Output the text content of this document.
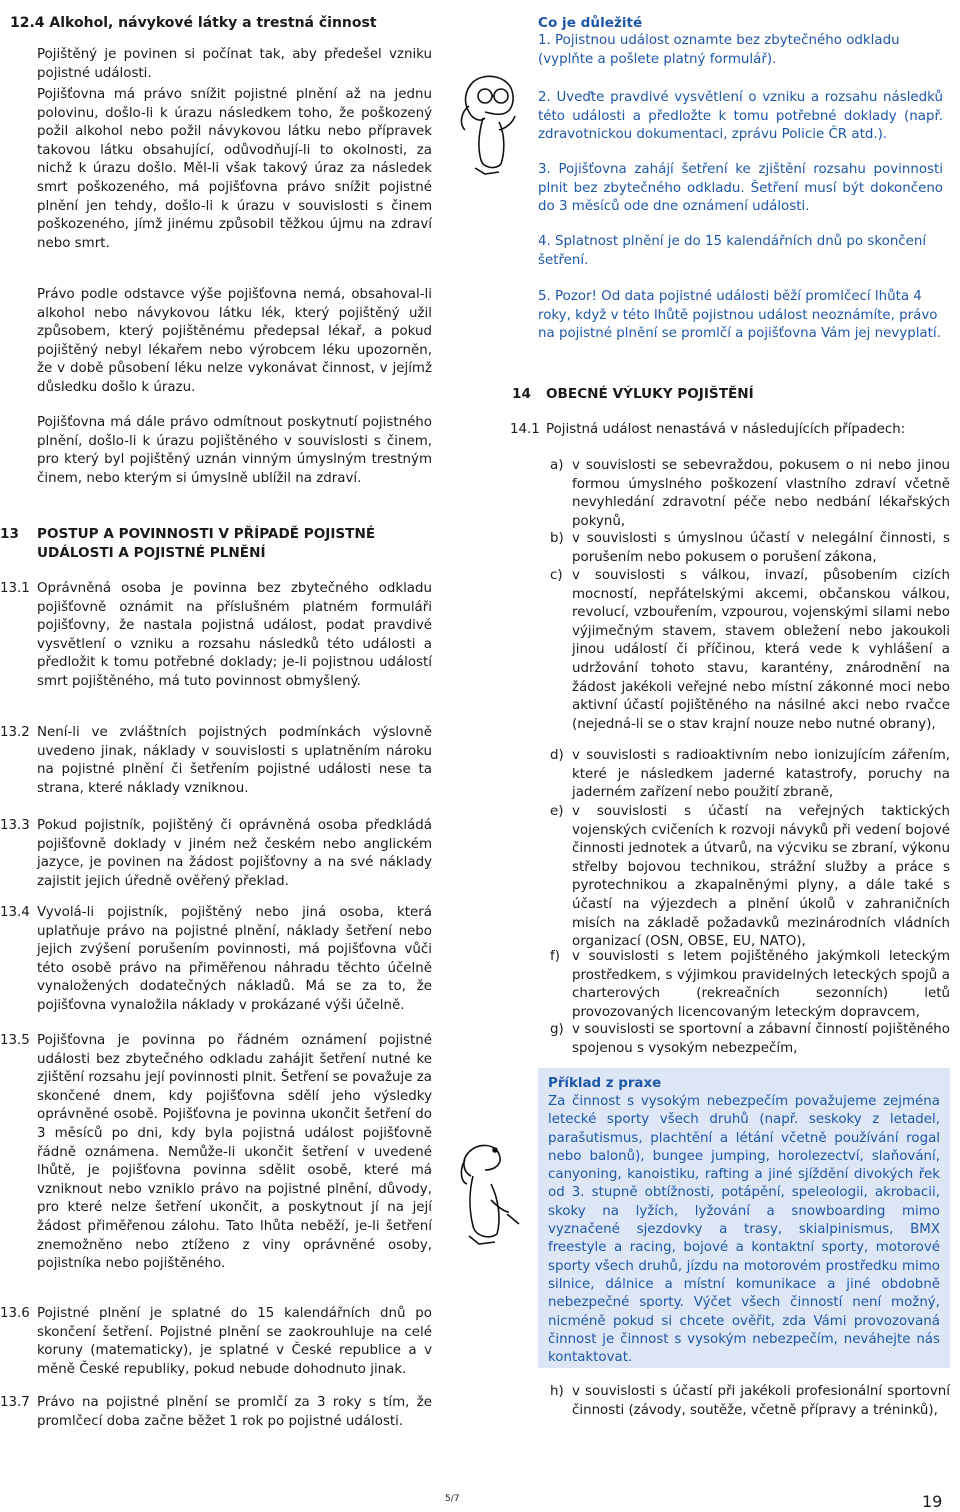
12.4 Alkohol, návykové látky a trestná činnost

Pojištěný je povinen si počínat tak, aby předešel vzniku pojistné události.

Pojišťovna má právo snížit pojistné plnění až na jednu polovinu, došlo-li k úrazu následkem toho, že poškozený požil alkohol nebo požil návykovou látku nebo přípravek takovou látku obsahující, odůvodňují-li to okolnosti, za nichž k úrazu došlo. Měl-li však takový úraz za následek smrt poškozeného, má pojišťovna právo snížit pojistné plnění jen tehdy, došlo-li k úrazu v souvislosti s činem poškozeného, jímž jinému způsobil těžkou újmu na zdraví nebo smrt.

Právo podle odstavce výše pojišťovna nemá, obsahoval-li alkohol nebo návykovou látku lék, který pojištěný užil způsobem, který pojištěnému předepsal lékař, a pokud pojištěný nebyl lékařem nebo výrobcem léku upozorněn, že v době působení léku nelze vykonávat činnost, v jejímž důsledku došlo k úrazu.

Pojišťovna má dále právo odmítnout poskytnutí pojistného plnění, došlo-li k úrazu pojištěného v souvislosti s činem, pro který byl pojištěný uznán vinným úmyslným trestným činem, nebo kterým si úmyslně ublížil na zdraví.

13 POSTUP A POVINNOSTI V PŘÍPADĚ POJISTNÉ UDÁLOSTI A POJISTNÉ PLNĚNÍ
13.1 Oprávněná osoba je povinna bez zbytečného odkladu pojišťovně oznámit na příslušném platném formuláři pojišťovny, že nastala pojistná událost, podat pravdivé vysvětlení o vzniku a rozsahu následků této události a předložit k tomu potřebné doklady; je-li pojistnou událostí smrt pojištěného, má tuto povinnost obmyšlený.

13.2 Není-li ve zvláštních pojistných podmínkách výslovně uvedeno jinak, náklady v souvislosti s uplatněním nároku na pojistné plnění či šetřením pojistné události nese ta strana, které náklady vzniknou.

13.3 Pokud pojistník, pojištěný či oprávněná osoba předkládá pojišťovně doklady v jiném než českém nebo anglickém jazyce, je povinen na žádost pojišťovny a na své náklady zajistit jejich úředně ověřený překlad.

13.4 Vyvolá-li pojistník, pojištěný nebo jiná osoba, která uplatňuje právo na pojistné plnění, náklady šetření nebo jejich zvýšení porušením povinnosti, má pojišťovna vůči této osobě právo na přiměřenou náhradu těchto účelně vynaložených dodatečných nákladů. Má se za to, že pojišťovna vynaložila náklady v prokázané výši účelně.

13.5 Pojišťovna je povinna po řádném oznámení pojistné události bez zbytečného odkladu zahájit šetření nutné ke zjištění rozsahu její povinnosti plnit. Šetření se považuje za skončené dnem, kdy pojišťovna sdělí jeho výsledky oprávněné osobě. Pojišťovna je povinna ukončit šetření do 3 měsíců po dni, kdy byla pojistná událost pojišťovně řádně oznámena. Nemůže-li ukončit šetření v uvedené lhůtě, je pojišťovna povinna sdělit osobě, které má vzniknout nebo vzniklo právo na pojistné plnění, důvody, pro které nelze šetření ukončit, a poskytnout jí na její žádost přiměřenou zálohu. Tato lhůta neběží, je-li šetření znemožněno nebo ztíženo z viny oprávněné osoby, pojistníka nebo pojištěného.

13.6 Pojistné plnění je splatné do 15 kalendářních dnů po skončení šetření. Pojistné plnění se zaokrouhluje na celé koruny (matematicky), je splatné v České republice a v měně České republiky, pokud nebude dohodnuto jinak.

13.7 Právo na pojistné plnění se promlčí za 3 roky s tím, že promlčecí doba začne běžet 1 rok po pojistné události.

Co je důležité

1. Pojistnou událost oznamte bez zbytečného odkladu (vyplňte a pošlete platný formulář).

2. Uveďte pravdivé vysvětlení o vzniku a rozsahu následků této události a předložte k tomu potřebné doklady (např. zdravotnickou dokumentaci, zprávu Policie ČR atd.).

3. Pojišťovna zahájí šetření ke zjištění rozsahu povinnosti plnit bez zbytečného odkladu. Šetření musí být dokončeno do 3 měsíců ode dne oznámení události.

4. Splatnost plnění je do 15 kalendářních dnů po skončení šetření.

5. Pozor! Od data pojistné události běží promlčecí lhůta 4 roky, když v této lhůtě pojistnou událost neoznámíte, právo na pojistné plnění se promlčí a pojišťovna Vám jej nevyplatí.

14 OBECNÉ VÝLUKY POJIŠTĚNÍ
14.1 Pojistná událost nenastává v následujících případech:
a) v souvislosti se sebevraždou, pokusem o ni nebo jinou formou úmyslného poškození vlastního zdraví včetně nevyhledání zdravotní péče nebo nedbání lékařských pokynů,
b) v souvislosti s úmyslnou účastí v nelegální činnosti, s porušením nebo pokusem o porušení zákona,
c) v souvislosti s válkou, invazí, působením cizích mocností, nepřátelskými akcemi, občanskou válkou, revolucí, vzbouřením, vzpourou, vojenskými silami nebo výjimečným stavem, stavem obležení nebo jakoukoli jinou událostí či příčinou, která vede k vyhlášení a udržování tohoto stavu, karantény, znárodnění na žádost jakékoli veřejné nebo místní zákonné moci nebo aktivní účastí pojištěného na násilné akci nebo rvačce (nejedná-li se o stav krajní nouze nebo nutné obrany),
d) v souvislosti s radioaktivním nebo ionizujícím zářením, které je následkem jaderné katastrofy, poruchy na jaderném zařízení nebo použití zbraně,
e) v souvislosti s účastí na veřejných taktických vojenských cvičeních k rozvoji návyků při vedení bojové činnosti jednotek a útvarů, na výcviku se zbraní, výkonu střelby bojovou technikou, strážní služby a práce s pyrotechnikou a zkapalněnými plyny, a dále také s účastí na výjezdech a plnění úkolů v zahraničních misích na základě požadavků mezinárodních vládních organizací (OSN, OBSE, EU, NATO),
f) v souvislosti s letem pojištěného jakýmkoli leteckým prostředkem, s výjimkou pravidelných leteckých spojů a charterových (rekreačních sezonních) letů provozovaných licencovaným leteckým dopravcem,
g) v souvislosti se sportovní a zábavní činností pojištěného spojenou s vysokým nebezpečím,
Příklad z praxe

Za činnost s vysokým nebezpečím považujeme zejména letecké sporty všech druhů (např. seskoky z letadel, parašutismus, plachtění a létání včetně používání rogal nebo balonů), bungee jumping, horolezectví, slaňování, canyoning, kanoistiku, rafting a jiné sjíždění divokých řek od 3. stupně obtížnosti, potápění, speleologii, akrobacii, skoky na lyžích, lyžování a snowboarding mimo vyznačené sjezdovky a trasy, skialpinismus, BMX freestyle a racing, bojové a kontaktní sporty, motorové sporty všech druhů, jízdu na motorovém prostředku mimo silnice, dálnice a místní komunikace a jiné obdobně nebezpečné sporty. Výčet všech činností není možný, nicméně pokud si chcete ověřit, zda Vámi provozovaná činnost je činnost s vysokým nebezpečím, neváhejte nás kontaktovat.

h) v souvislosti s účastí při jakékoli profesionální sportovní činnosti (závody, soutěže, včetně přípravy a tréninků),
5/7	19
